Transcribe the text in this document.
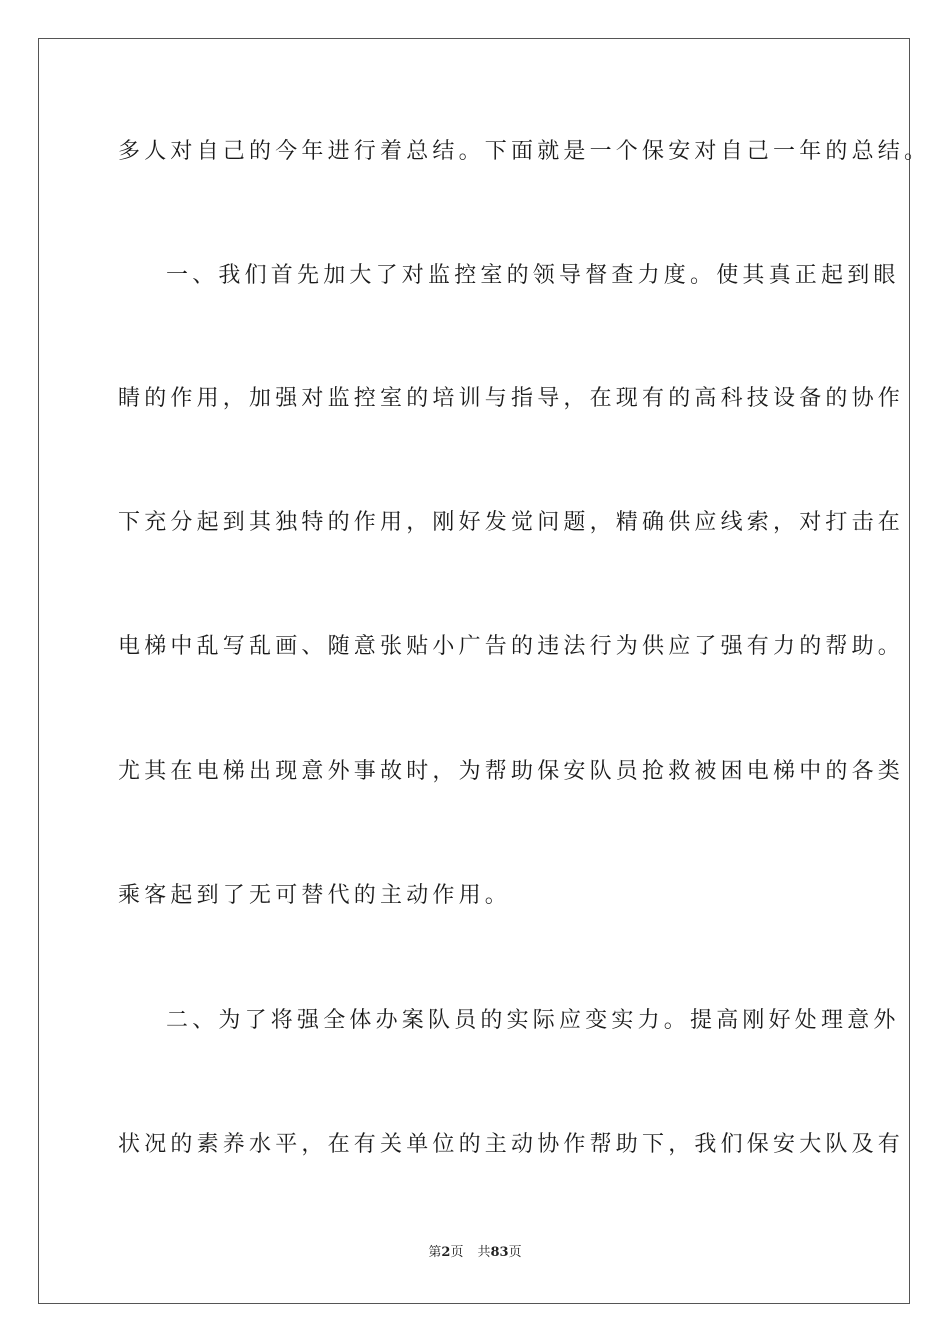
多人对自己的今年进行着总结。下面就是一个保安对自己一年的总结。
一、我们首先加大了对监控室的领导督查力度。使其真正起到眼
睛的作用，加强对监控室的培训与指导，在现有的高科技设备的协作
下充分起到其独特的作用，刚好发觉问题，精确供应线索，对打击在
电梯中乱写乱画、随意张贴小广告的违法行为供应了强有力的帮助。
尤其在电梯出现意外事故时，为帮助保安队员抢救被困电梯中的各类
乘客起到了无可替代的主动作用。
二、为了将强全体办案队员的实际应变实力。提高刚好处理意外
状况的素养水平，在有关单位的主动协作帮助下，我们保安大队及有
第2页 共83页
